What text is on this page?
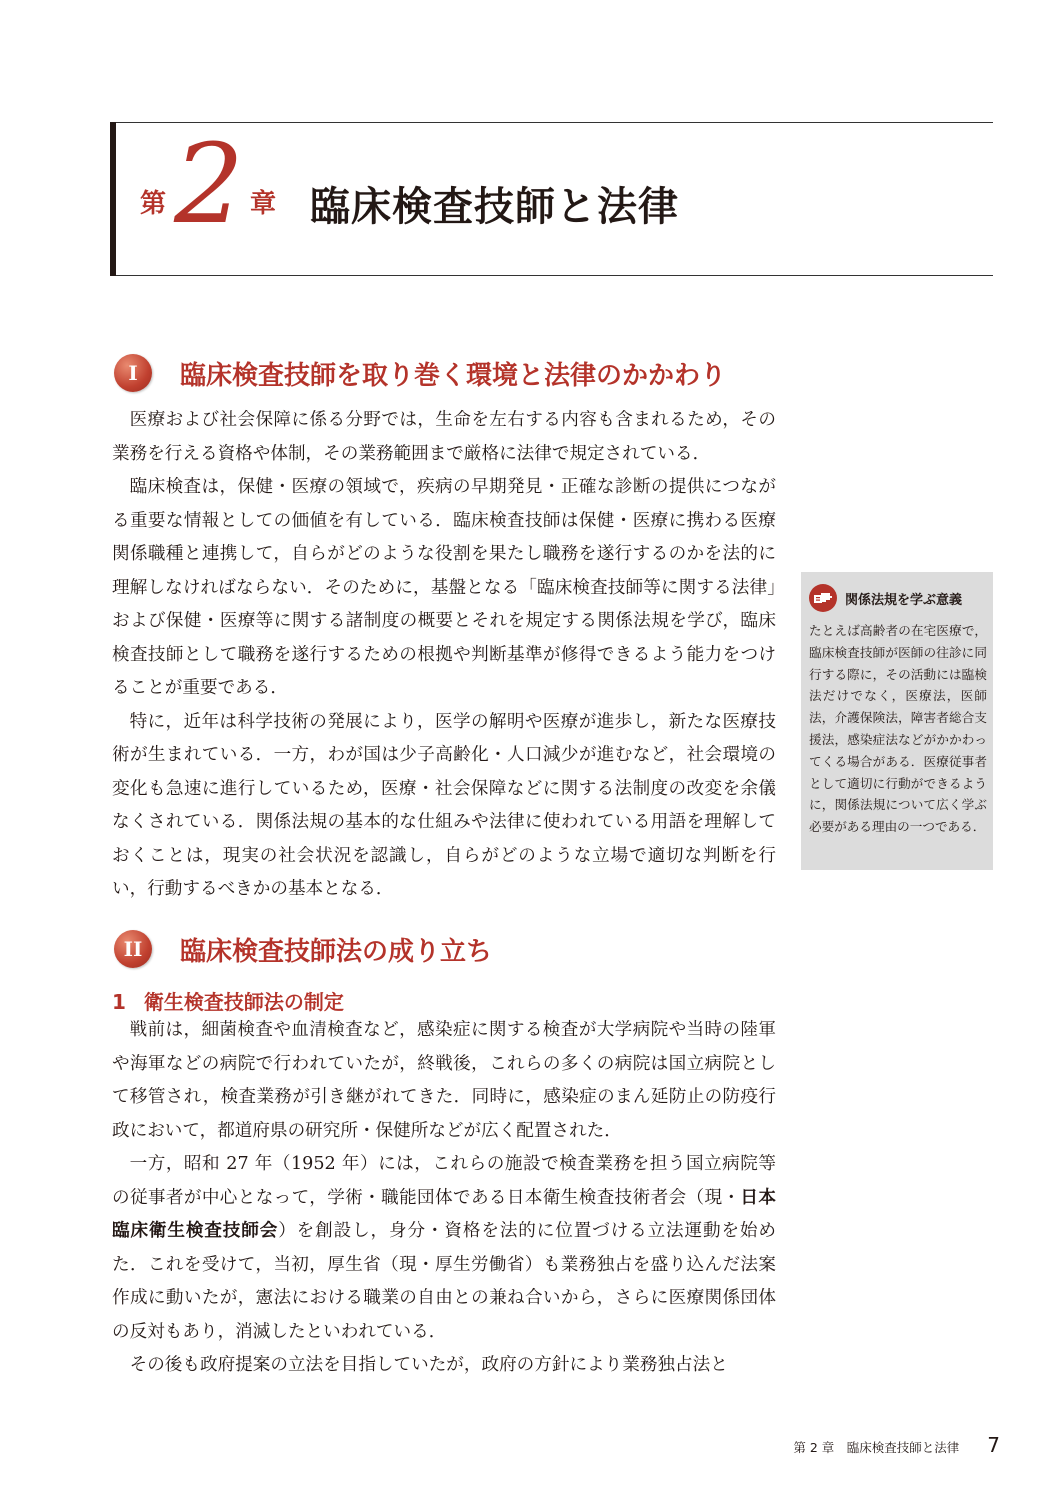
第 2 章 臨床検査技師と法律
I	臨床検査技師を取り巻く環境と法律のかかわり

医療および社会保障に係る分野では，生命を左右する内容も含まれるため，その業務を行える資格や体制，その業務範囲まで厳格に法律で規定されている．

臨床検査は，保健・医療の領域で，疾病の早期発見・正確な診断の提供につながる重要な情報としての価値を有している．臨床検査技師は保健・医療に携わる医療関係職種と連携して，自らがどのような役割を果たし職務を遂行するのかを法的に理解しなければならない．そのために，基盤となる「臨床検査技師等に関する法律」および保健・医療等に関する諸制度の概要とそれを規定する関係法規を学び，臨床検査技師として職務を遂行するための根拠や判断基準が修得できるよう能力をつけることが重要である．

特に，近年は科学技術の発展により，医学の解明や医療が進歩し，新たな医療技術が生まれている．一方，わが国は少子高齢化・人口減少が進むなど，社会環境の変化も急速に進行しているため，医療・社会保障などに関する法制度の改変を余儀なくされている．関係法規の基本的な仕組みや法律に使われている用語を理解しておくことは，現実の社会状況を認識し，自らがどのような立場で適切な判断を行い，行動するべきかの基本となる．

関係法規を学ぶ意義
たとえば高齢者の在宅医療で，臨床検査技師が医師の往診に同行する際に，その活動には臨検法だけでなく，医療法，医師法，介護保険法，障害者総合支援法，感染症法などがかかわってくる場合がある．医療従事者として適切に行動ができるように，関係法規について広く学ぶ必要がある理由の一つである．
II	臨床検査技師法の成り立ち
1 衛生検査技師法の制定

戦前は，細菌検査や血清検査など，感染症に関する検査が大学病院や当時の陸軍や海軍などの病院で行われていたが，終戦後，これらの多くの病院は国立病院として移管され，検査業務が引き継がれてきた．同時に，感染症のまん延防止の防疫行政において，都道府県の研究所・保健所などが広く配置された．

一方，昭和 27 年（1952 年）には，これらの施設で検査業務を担う国立病院等の従事者が中心となって，学術・職能団体である日本衛生検査技術者会（現・日本臨床衛生検査技師会）を創設し，身分・資格を法的に位置づける立法運動を始めた．これを受けて，当初，厚生省（現・厚生労働省）も業務独占を盛り込んだ法案作成に動いたが，憲法における職業の自由との兼ね合いから，さらに医療関係団体の反対もあり，消滅したといわれている．

その後も政府提案の立法を目指していたが，政府の方針により業務独占法と

第 2 章　臨床検査技師と法律 7
